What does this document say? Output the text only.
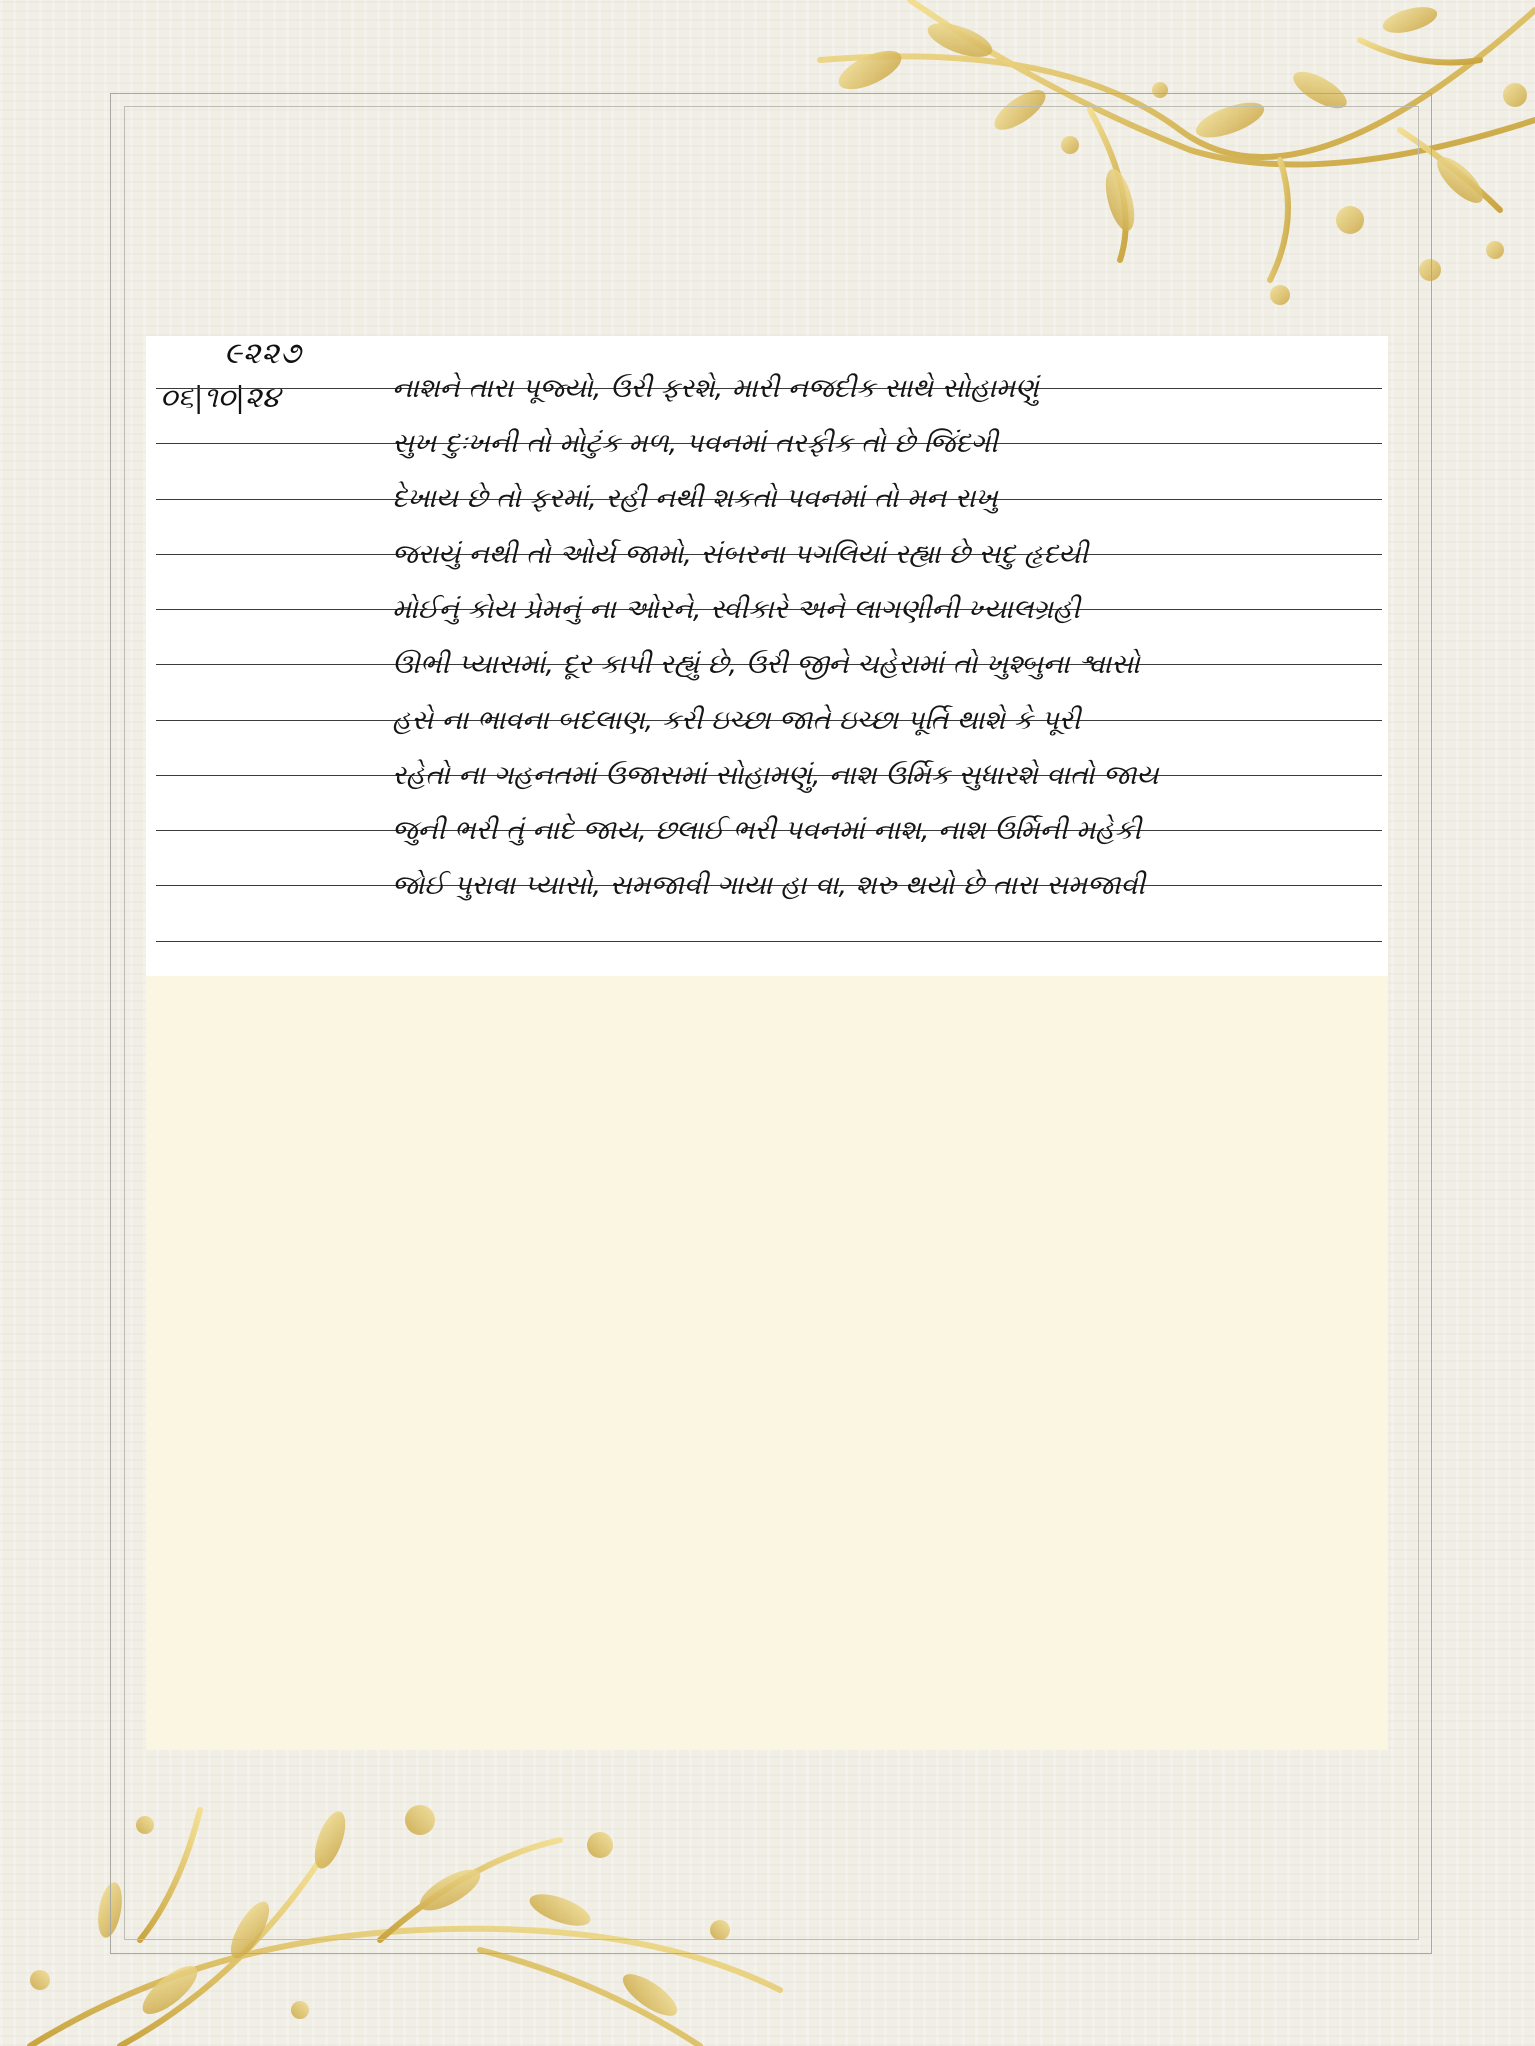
૯૨૨૭
૦૬|૧૦|૨૪	નાશને તારા પૂજ્યો, ઉરી ફરશે, મારી નજદીક સાથે સોહામણું
સુખ દુઃખની તો મોટુંક મળ, પવનમાં તરફીક તો છે જિંદગી
દેખાય છે તો ફરમાં, રહી નથી શકતો પવનમાં તો મન રાખુ
જરાયું નથી તો ઓર્ય જામો, સંબરના પગલિયાં રહ્યા છે સદુ હૃદયી
મોઈનું કોય પ્રેમનું ના ઓરને, સ્વીકારે અને લાગણીની ખ્યાલગ્રહી
ઊભી પ્યાસમાં, દૂર કાપી રહ્યું છે, ઉરી જીને ચહેરામાં તો ખુશ્બુના શ્વાસો
હસે ના ભાવના બદલાણ, કરી ઇચ્છા જાતે ઇચ્છા પૂર્તિ થાશે કે પૂરી
રહેતો ના ગહનતમાં ઉજાસમાં સોહામણું, નાશ ઉર્મિક સુધારશે વાતો જાય
જુની ભરી તું નાદે જાય, છલાઈ ભરી પવનમાં નાશ, નાશ ઉર્મિની મહેકી
જોઈ પુરાવા પ્યાસો, સમજાવી ગાયા હા વા, શરુ થયો છે તારા સમજાવી
